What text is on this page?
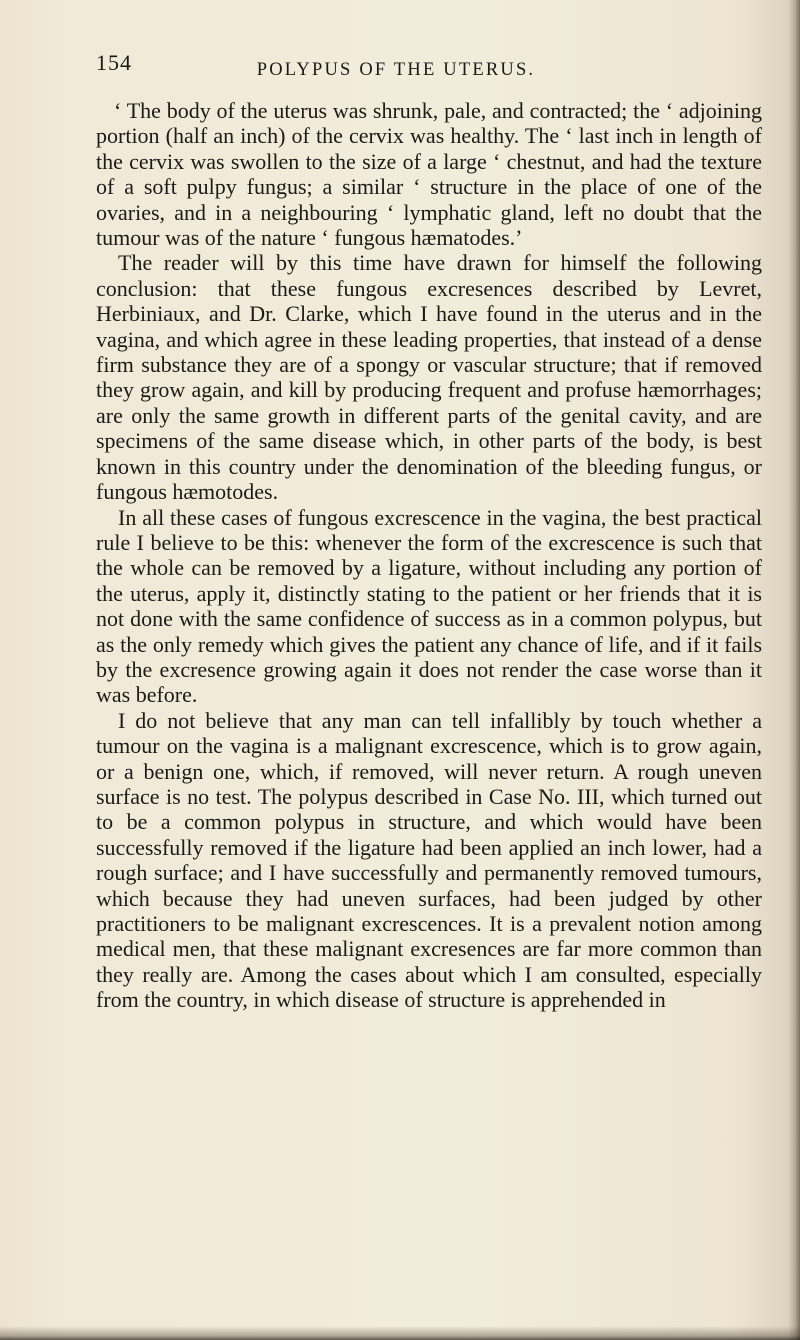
154	POLYPUS OF THE UTERUS.

‘ The body of the uterus was shrunk, pale, and contracted; the ‘ adjoining portion (half an inch) of the cervix was healthy. The ‘ last inch in length of the cervix was swollen to the size of a large ‘ chestnut, and had the texture of a soft pulpy fungus; a similar ‘ structure in the place of one of the ovaries, and in a neighbouring ‘ lymphatic gland, left no doubt that the tumour was of the nature ‘ fungous hæmatodes.’

The reader will by this time have drawn for himself the following conclusion: that these fungous excresences described by Levret, Herbiniaux, and Dr. Clarke, which I have found in the uterus and in the vagina, and which agree in these leading properties, that instead of a dense firm substance they are of a spongy or vascular structure; that if removed they grow again, and kill by producing frequent and profuse hæmorrhages; are only the same growth in different parts of the genital cavity, and are specimens of the same disease which, in other parts of the body, is best known in this country under the denomination of the bleeding fungus, or fungous hæmotodes.

In all these cases of fungous excrescence in the vagina, the best practical rule I believe to be this: whenever the form of the excrescence is such that the whole can be removed by a ligature, without including any portion of the uterus, apply it, distinctly stating to the patient or her friends that it is not done with the same confidence of success as in a common polypus, but as the only remedy which gives the patient any chance of life, and if it fails by the excresence growing again it does not render the case worse than it was before.

I do not believe that any man can tell infallibly by touch whether a tumour on the vagina is a malignant excrescence, which is to grow again, or a benign one, which, if removed, will never return. A rough uneven surface is no test. The polypus described in Case No. III, which turned out to be a common polypus in structure, and which would have been successfully removed if the ligature had been applied an inch lower, had a rough surface; and I have successfully and permanently removed tumours, which because they had uneven surfaces, had been judged by other practitioners to be malignant excrescences. It is a prevalent notion among medical men, that these malignant excresences are far more common than they really are. Among the cases about which I am consulted, especially from the country, in which disease of structure is apprehended in
